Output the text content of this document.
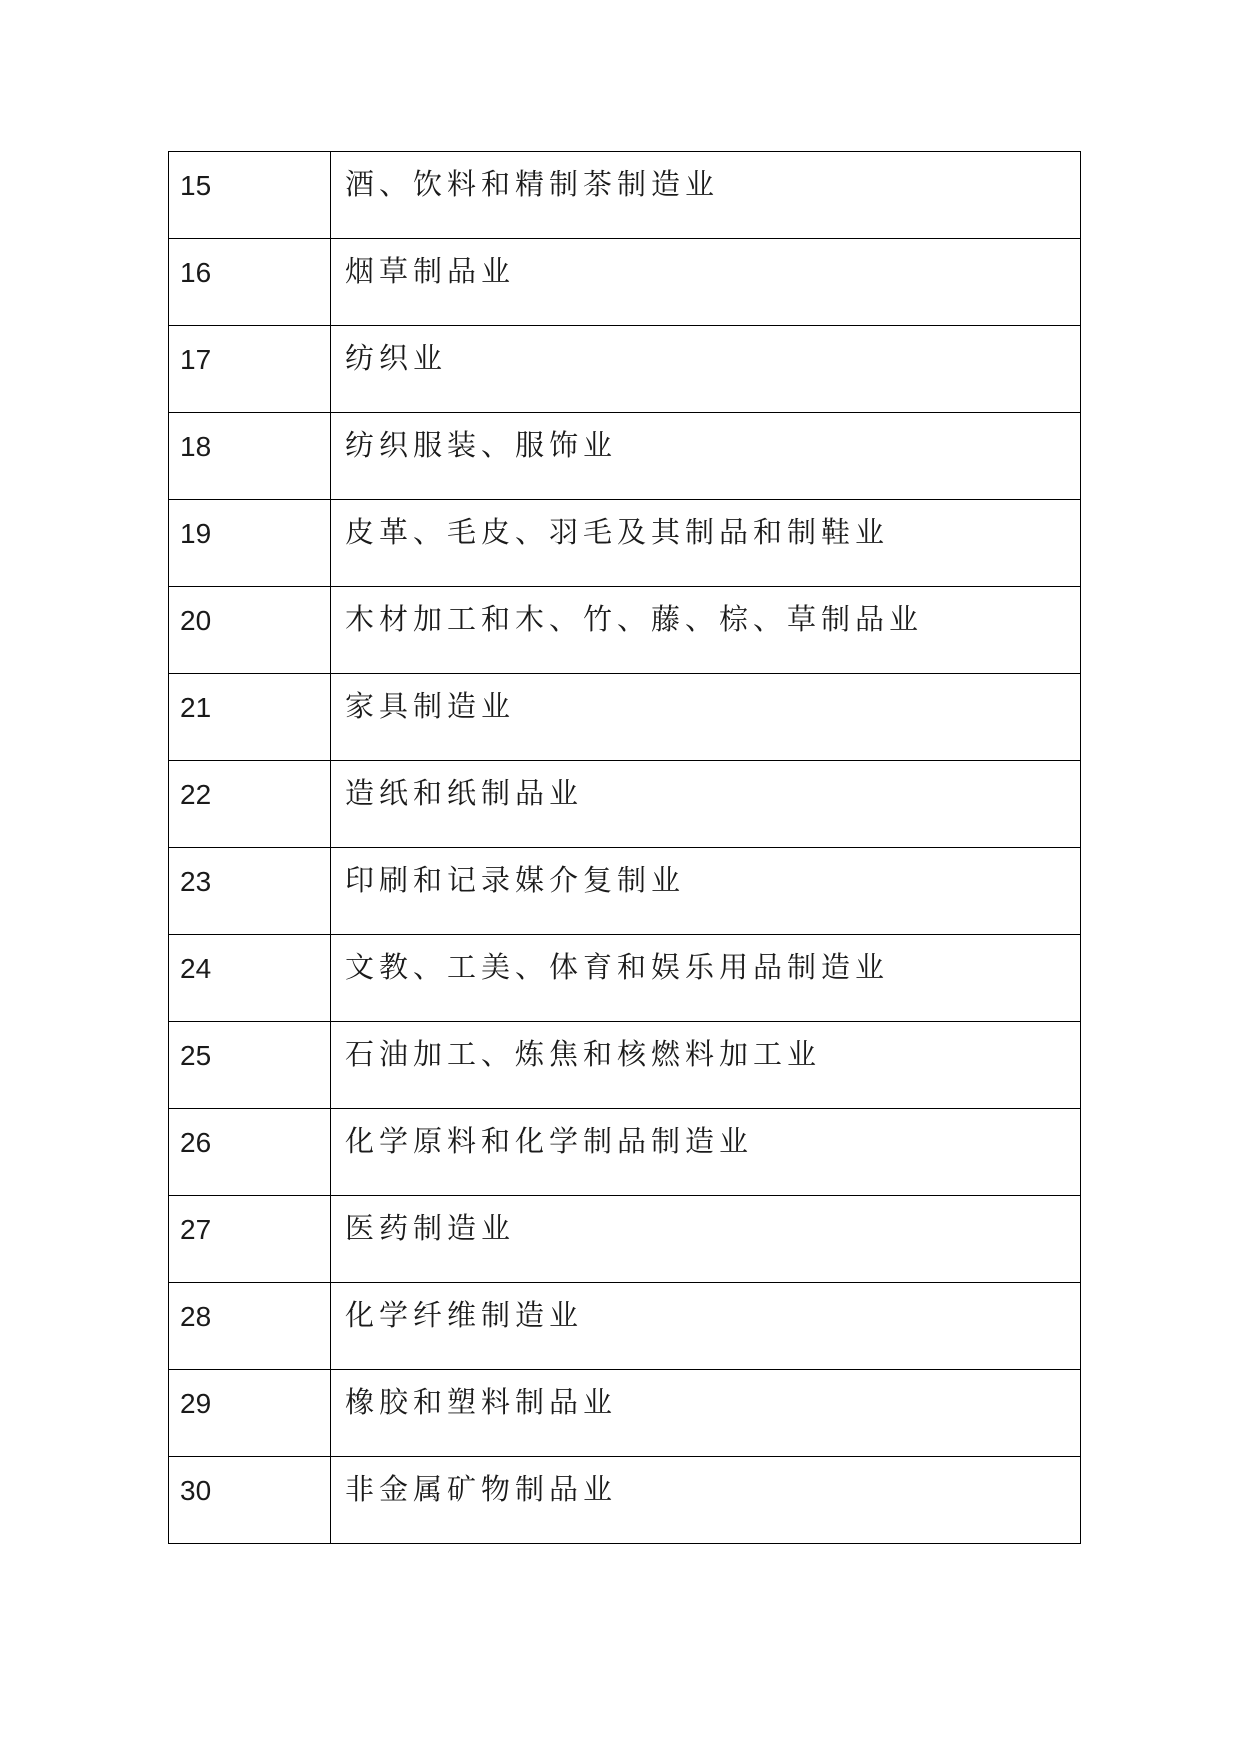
15	酒、饮料和精制茶制造业

16	烟草制品业

17	纺织业

18	纺织服装、服饰业

19	皮革、毛皮、羽毛及其制品和制鞋业

20	木材加工和木、竹、藤、棕、草制品业

21	家具制造业

22	造纸和纸制品业

23	印刷和记录媒介复制业

24	文教、工美、体育和娱乐用品制造业

25	石油加工、炼焦和核燃料加工业

26	化学原料和化学制品制造业

27	医药制造业

28	化学纤维制造业

29	橡胶和塑料制品业

30	非金属矿物制品业
